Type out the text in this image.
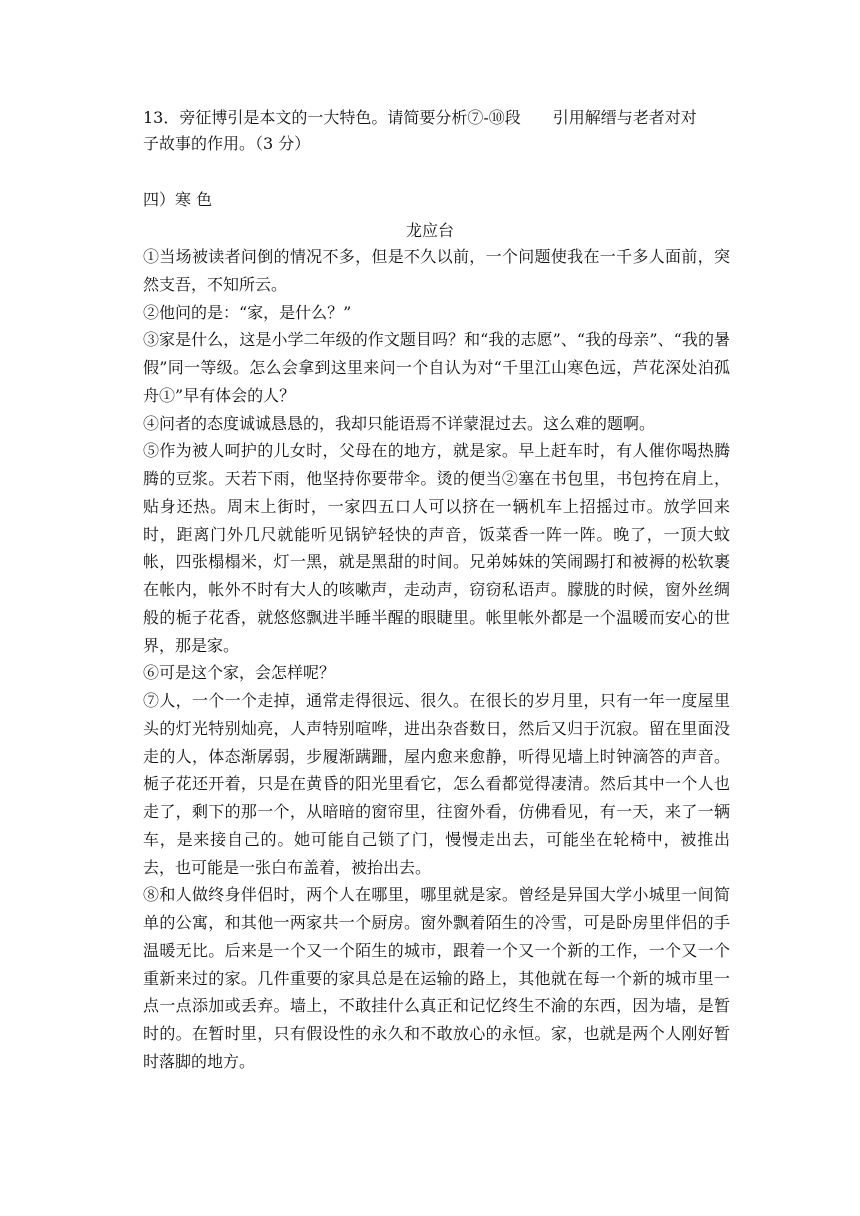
13．旁征博引是本文的一大特色。请简要分析⑦-⑩段　　引用解缙与老者对对
子故事的作用。（3 分）
四）寒 色
龙应台

①当场被读者问倒的情况不多，但是不久以前，一个问题使我在一千多人面前，突然支吾，不知所云。

②他问的是：“家，是什么？”

③家是什么，这是小学二年级的作文题目吗？和“我的志愿”、“我的母亲”、“我的暑假”同一等级。怎么会拿到这里来问一个自认为对“千里江山寒色远，芦花深处泊孤舟①”早有体会的人？

④问者的态度诚诚恳恳的，我却只能语焉不详蒙混过去。这么难的题啊。

⑤作为被人呵护的儿女时，父母在的地方，就是家。早上赶车时，有人催你喝热腾腾的豆浆。天若下雨，他坚持你要带伞。烫的便当②塞在书包里，书包挎在肩上，贴身还热。周末上街时，一家四五口人可以挤在一辆机车上招摇过市。放学回来时，距离门外几尺就能听见锅铲轻快的声音，饭菜香一阵一阵。晚了，一顶大蚊帐，四张榻榻米，灯一黑，就是黑甜的时间。兄弟姊妹的笑闹踢打和被褥的松软裹在帐内，帐外不时有大人的咳嗽声，走动声，窃窃私语声。朦胧的时候，窗外丝绸般的栀子花香，就悠悠飘进半睡半醒的眼睫里。帐里帐外都是一个温暖而安心的世界，那是家。

⑥可是这个家，会怎样呢？

⑦人，一个一个走掉，通常走得很远、很久。在很长的岁月里，只有一年一度屋里头的灯光特别灿亮，人声特别喧哗，进出杂沓数日，然后又归于沉寂。留在里面没走的人，体态渐孱弱，步履渐蹒跚，屋内愈来愈静，听得见墙上时钟滴答的声音。栀子花还开着，只是在黄昏的阳光里看它，怎么看都觉得凄清。然后其中一个人也走了，剩下的那一个，从暗暗的窗帘里，往窗外看，仿佛看见，有一天，来了一辆车，是来接自己的。她可能自己锁了门，慢慢走出去，可能坐在轮椅中，被推出去，也可能是一张白布盖着，被抬出去。

⑧和人做终身伴侣时，两个人在哪里，哪里就是家。曾经是异国大学小城里一间简单的公寓，和其他一两家共一个厨房。窗外飘着陌生的冷雪，可是卧房里伴侣的手温暖无比。后来是一个又一个陌生的城市，跟着一个又一个新的工作，一个又一个重新来过的家。几件重要的家具总是在运输的路上，其他就在每一个新的城市里一点一点添加或丢弃。墙上，不敢挂什么真正和记忆终生不渝的东西，因为墙，是暂时的。在暂时里，只有假设性的永久和不敢放心的永恒。家，也就是两个人刚好暂时落脚的地方。
